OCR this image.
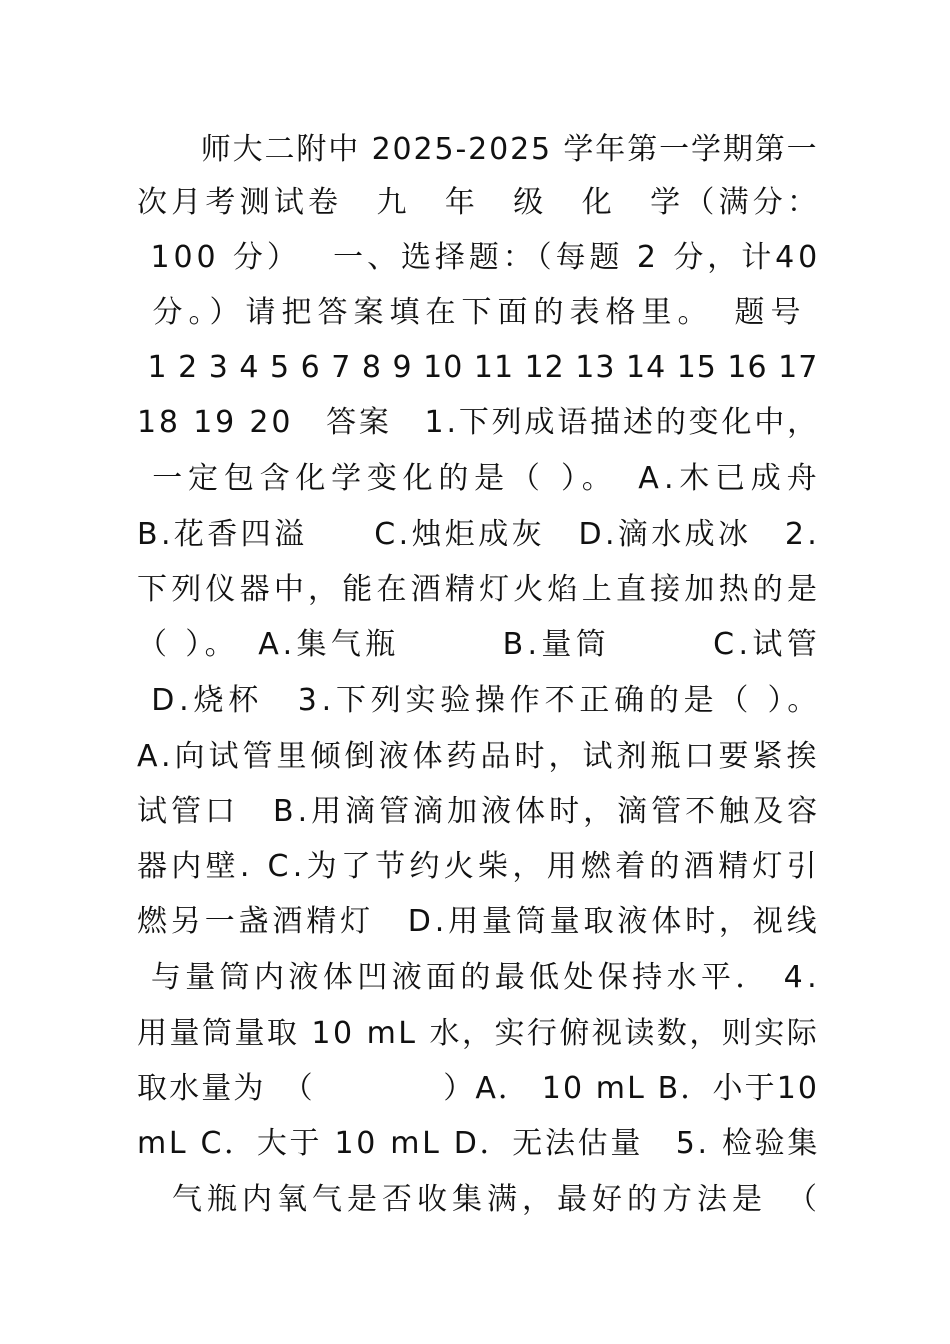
　　师大二附中 2025-2025 学年第一学期第一
次月考测试卷　九　年　级　化　学（满分：
100 分）　 一、选择题：（每题 2 分，计40
分。）请把答案填在下面的表格里。　题号
1 2 3 4 5 6 7 8 9 10 11 12 13 14 15 16 17
18 19 20　答案　1.下列成语描述的变化中，
一定包含化学变化的是（ ）。　A.木已成舟
B.花香四溢　　C.烛炬成灰　D.滴水成冰　2.
下列仪器中，能在酒精灯火焰上直接加热的是
（ ）。　A.集气瓶　　　B.量筒　　　C.试管
D.烧杯　3.下列实验操作不正确的是（ ）。
A.向试管里倾倒液体药品时，试剂瓶口要紧挨
试管口　B.用滴管滴加液体时，滴管不触及容
器内壁. C.为了节约火柴，用燃着的酒精灯引
燃另一盏酒精灯　D.用量筒量取液体时，视线
与量筒内液体凹液面的最低处保持水平． 4.
用量筒量取 10 mL 水，实行俯视读数，则实际
取水量为　（　　　　）A． 10 mL B．小于10
mL C．大于 10 mL D．无法估量　5. 检验集
　气瓶内氧气是否收集满，最好的方法是　（
